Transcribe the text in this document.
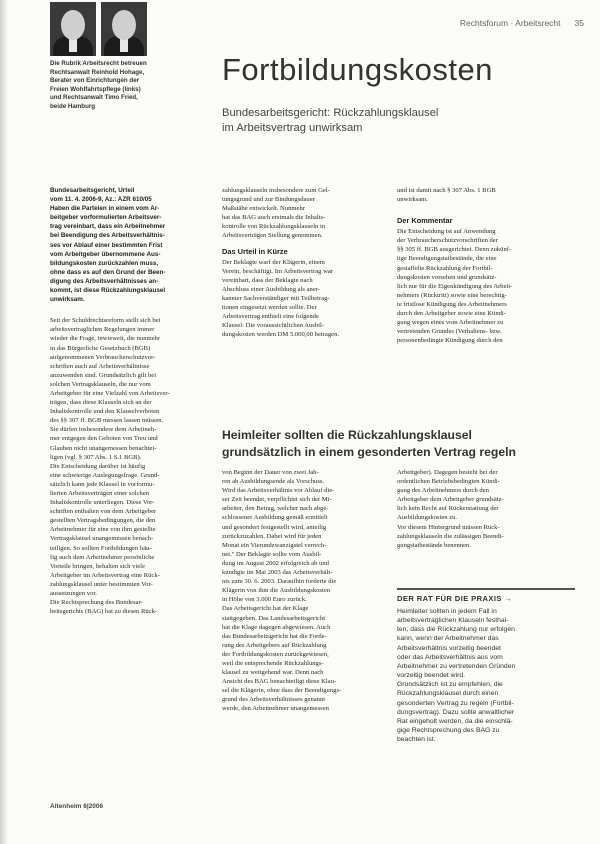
Die Rubrik Arbeitsrecht betreuen
Rechtsanwalt Reinhold Hohage,
Berater von Einrichtungen der
Freien Wohlfahrtspflege (links)
und Rechtsanwalt Timo Fried,
beide Hamburg
Rechtsforum · Arbeitsrecht 35
Fortbildungskosten
Bundesarbeitsgericht: Rückzahlungsklausel
im Arbeitsvertrag unwirksam
Bundesarbeitsgericht, Urteil
vom 11. 4. 2006-9, Az.: AZR 610/05
Haben die Parteien in einem vom Ar-
beitgeber vorformulierten Arbeitsver-
trag vereinbart, dass ein Arbeitnehmer
bei Beendigung des Arbeitsverhältnis-
ses vor Ablauf einer bestimmten Frist
vom Arbeitgeber übernommene Aus-
bildungskosten zurückzahlen muss,
ohne dass es auf den Grund der Been-
digung des Arbeitsverhältnisses an-
kommt, ist diese Rückzahlungsklausel
unwirksam.
Seit der Schuldrechtsreform stellt sich bei
arbeitsvertraglichen Regelungen immer
wieder die Frage, inwieweit, die nunmehr
in das Bürgerliche Gesetzbuch (BGB)
aufgenommenen Verbraucherschutzvor-
schriften auch auf Arbeitsverhältnisse
anzuwenden sind. Grundsätzlich gilt bei
solchen Vertragsklauseln, die nur vom
Arbeitgeber für eine Vielzahl von Arbeitsver-
trägen, dass diese Klauseln sich an der
Inhaltskontrolle und den Klauselverboten
des §§ 307 ff. BGB messen lassen müssen.
Sie dürfen insbesondere dem Arbeitneh-
mer entgegen den Geboten von Treu und
Glauben nicht unangemessen benachtei-
ligen (vgl. § 307 Abs. 1 S.1 BGB).
Die Entscheidung darüber ist häufig
eine schwierige Auslegungsfrage. Grund-
sätzlich kann jede Klausel in vorformu-
lierten Arbeitsverträgen einer solchen
Inhaltskontrolle unterliegen. Diese Vor-
schriften enthalten von dem Arbeitgeber
gestellten Vertragsbedingungen, die den
Arbeitnehmer für eine von ihm gestellte
Vertragsklausel unangemessen benach-
teiligen. So sollten Fortbildungen häu-
fig auch dem Arbeitnehmer persönliche
Vorteile bringen, behalten sich viele
Arbeitgeber im Arbeitsvertrag eine Rück-
zahlungsklausel unter bestimmten Vor-
aussetzungen vor.
Die Rechtsprechung des Bundesar-
beitsgerichts (BAG) hat zu diesen Rück-
zahlungsklauseln insbesondere zum Gel-
tungsgrund und zur Bindungsdauer
Maßstäbe entwickelt. Nunmehr
hat das BAG auch erstmals die Inhalts-
kontrolle von Rückzahlungsklauseln in
Arbeitsverträgen Stellung genommen.
Das Urteil in Kürze
Der Beklagte warf der Klägerin, einem
Verein, beschäftigt. Im Arbeitsvertrag war
vereinbart, dass der Beklagte nach
Abschluss einer Ausbildung als aner-
kannter Sachverständiger mit Teilbetrag-
tionen eingesetzt werden sollte. Der
Arbeitsvertrag enthielt eine folgende
Klausel: Die voraussichtlichen Ausbil-
dungskosten werden DM 5.000,00 betragen.
und ist damit nach § 307 Abs. 1 BGB
unwirksam.
Der Kommentar
Die Entscheidung ist auf Anwendung
der Verbraucherschutzvorschriften der
§§ 305 ff. BGB ausgerichtet. Denn zukünf-
tige Beendigungstatbestände, die eine
gestaffelte Rückzahlung der Fortbil-
dungskosten vorsehen und grundsätz-
lich nur für die Eigenkündigung des Arbeit-
nehmers (Rücktritt) sowie eine berechtig-
te fristlose Kündigung des Arbeitnehmers
durch den Arbeitgeber sowie eine Kündi-
gung wegen eines vom Arbeitnehmer zu
vertretenden Grundes (Verhaltens- bzw.
personenbedingte Kündigung durch den
Heimleiter sollten die Rückzahlungsklausel
grundsätzlich in einem gesonderten Vertrag regeln
von Beginn der Dauer von zwei Jah-
ren ab Ausbildungsende als Vorschuss.
Wird das Arbeitsverhältnis vor Ablauf die-
ser Zeit beendet, verpflichtet sich der Mi-
arbeiter, den Betrag, welcher nach abge-
schlossener Ausbildung gemäß ermittelt
und gesondert festgestellt wird, anteilig
zurückzuzahlen. Dabei wird für jeden
Monat ein Vierundzwanzigstel verrech-
net." Der Beklagte sollte vom Ausbil-
dung im August 2002 erfolgreich ab und
kündigte im Mai 2003 das Arbeitsverhält-
nis zum 30. 6. 2003. Daraufhin forderte die
Klägerin von ihm die Ausbildungskosten
in Höhe von 3.000 Euro zurück.
Das Arbeitsgericht hat der Klage
stattgegeben. Das Landesarbeitsgericht
hat die Klage dagegen abgewiesen. Auch
das Bundesarbeitsgericht hat die Forde-
rung des Arbeitgebers auf Rückzahlung
der Fortbildungskosten zurückgewiesen,
weil die entsprechende Rückzahlungs-
klausel zu weitgehend war. Denn nach
Ansicht des BAG benachteiligt diese Klau-
sel die Klägerin, ohne dass der Beendigungs-
grund des Arbeitsverhältnisses genannt
werde, den Arbeitnehmer unangemessen
Arbeitgeber). Dagegen besteht bei der
ordentlichen Betriebsbedingten Kündi-
gung des Arbeitnehmers durch den
Arbeitgeber dem Arbeitgeber grundsätz-
lich kein Recht auf Rückerstattung der
Ausbildungskosten zu.
Vor diesem Hintergrund müssen Rück-
zahlungsklauseln die zulässigen Beendi-
gungstatbestände benennen.
DER RAT FÜR DIE PRAXIS →
Heimleiter sollten in jedem Fall in
arbeitsvertraglichen Klauseln festhal-
ten, dass die Rückzahlung nur erfolgen
kann, wenn der Arbeitnehmer das
Arbeitsverhältnis vorzeitig beendet
oder das Arbeitsverhältnis aus vom
Arbeitnehmer zu vertretenden Gründen
vorzeitig beendet wird.
Grundsätzlich ist zu empfehlen, die
Rückzahlungsklausel durch einen
gesonderten Vertrag zu regeln (Fortbil-
dungsvertrag). Dazu sollte anwaltlicher
Rat eingeholt werden, da die einschlä-
gige Rechtsprechung des BAG zu
beachten ist.
Altenheim 6|2006
